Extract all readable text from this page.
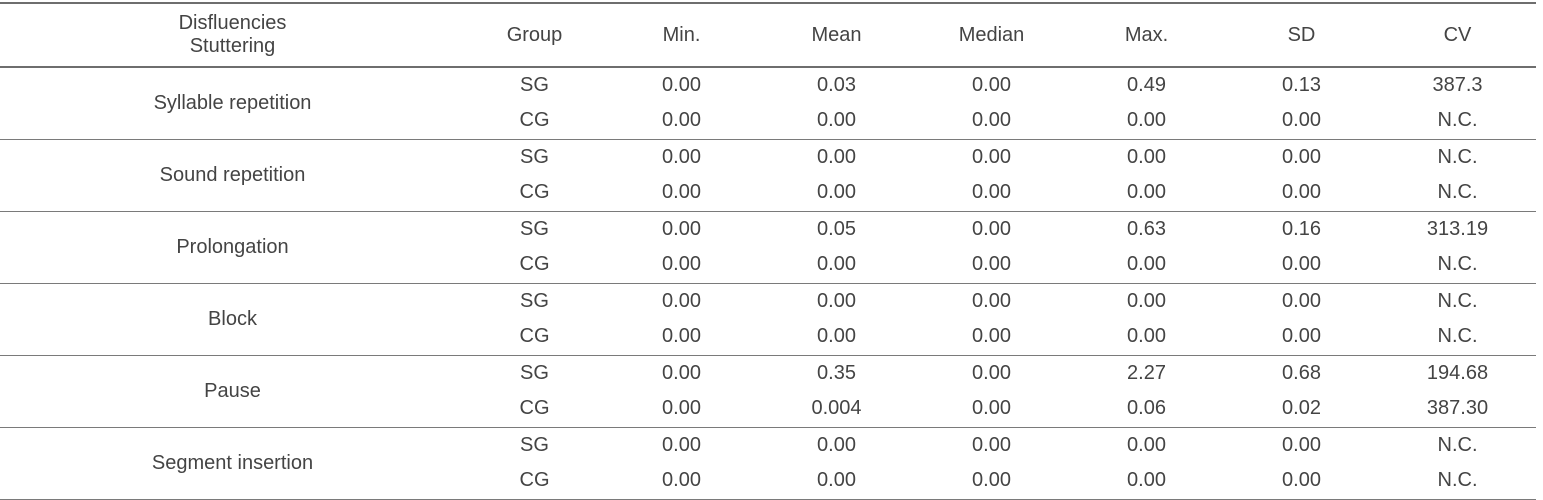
Disfluencies
Stuttering	Group	Min.	Mean	Median	Max.	SD	CV
Syllable repetition	SG	0.00	0.03	0.00	0.49	0.13	387.3
	CG	0.00	0.00	0.00	0.00	0.00	N.C.
Sound repetition	SG	0.00	0.00	0.00	0.00	0.00	N.C.
	CG	0.00	0.00	0.00	0.00	0.00	N.C.
Prolongation	SG	0.00	0.05	0.00	0.63	0.16	313.19
	CG	0.00	0.00	0.00	0.00	0.00	N.C.
Block	SG	0.00	0.00	0.00	0.00	0.00	N.C.
	CG	0.00	0.00	0.00	0.00	0.00	N.C.
Pause	SG	0.00	0.35	0.00	2.27	0.68	194.68
	CG	0.00	0.004	0.00	0.06	0.02	387.30
Segment insertion	SG	0.00	0.00	0.00	0.00	0.00	N.C.
	CG	0.00	0.00	0.00	0.00	0.00	N.C.
